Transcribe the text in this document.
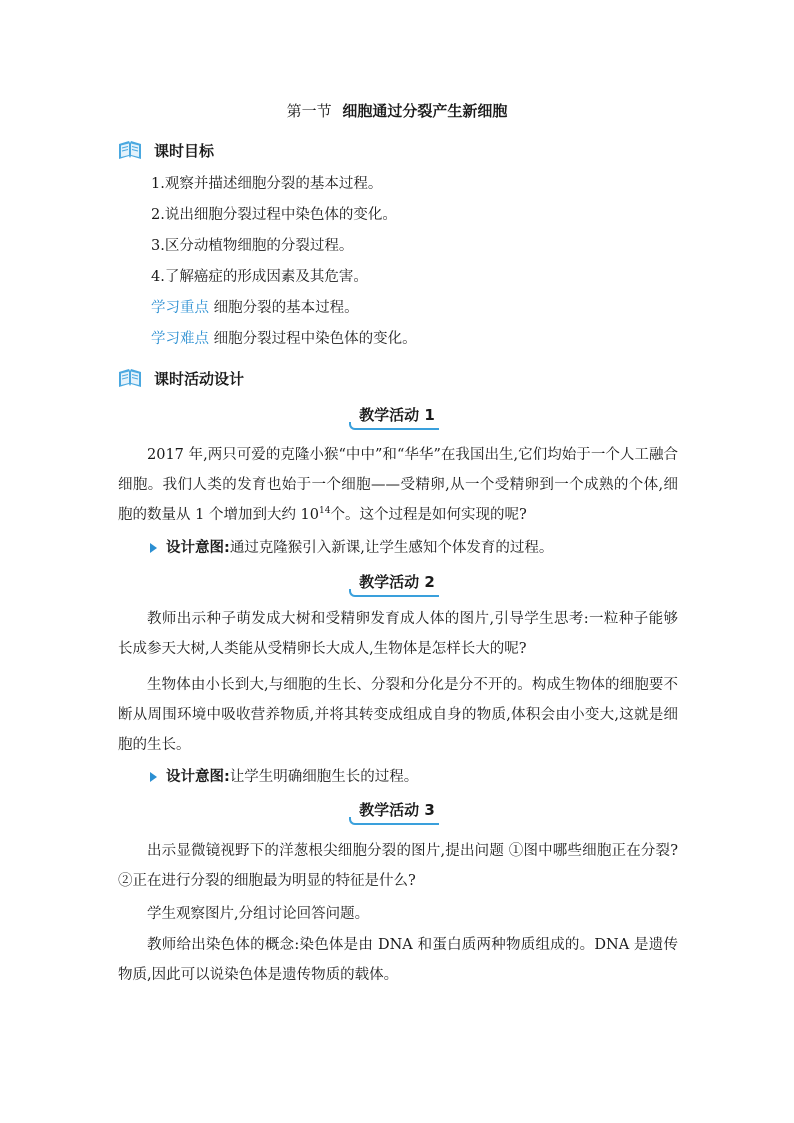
第一节 细胞通过分裂产生新细胞
课时目标
1.观察并描述细胞分裂的基本过程。
2.说出细胞分裂过程中染色体的变化。
3.区分动植物细胞的分裂过程。
4.了解癌症的形成因素及其危害。
学习重点 细胞分裂的基本过程。
学习难点 细胞分裂过程中染色体的变化。
课时活动设计
教学活动 1

2017 年,两只可爱的克隆小猴“中中”和“华华”在我国出生,它们均始于一个人工融合细胞。我们人类的发育也始于一个细胞——受精卵,从一个受精卵到一个成熟的个体,细胞的数量从 1 个增加到大约 $10^{14}$个。这个过程是如何实现的呢?

设计意图: 通过克隆猴引入新课,让学生感知个体发育的过程。
教学活动 2

教师出示种子萌发成大树和受精卵发育成人体的图片,引导学生思考:一粒种子能够长成参天大树,人类能从受精卵长大成人,生物体是怎样长大的呢?

生物体由小长到大,与细胞的生长、分裂和分化是分不开的。构成生物体的细胞要不断从周围环境中吸收营养物质,并将其转变成组成自身的物质,体积会由小变大,这就是细胞的生长。

设计意图: 让学生明确细胞生长的过程。
教学活动 3

出示显微镜视野下的洋葱根尖细胞分裂的图片,提出问题 ①图中哪些细胞正在分裂?②正在进行分裂的细胞最为明显的特征是什么?

学生观察图片,分组讨论回答问题。

教师给出染色体的概念:染色体是由 DNA 和蛋白质两种物质组成的。DNA 是遗传物质,因此可以说染色体是遗传物质的载体。
